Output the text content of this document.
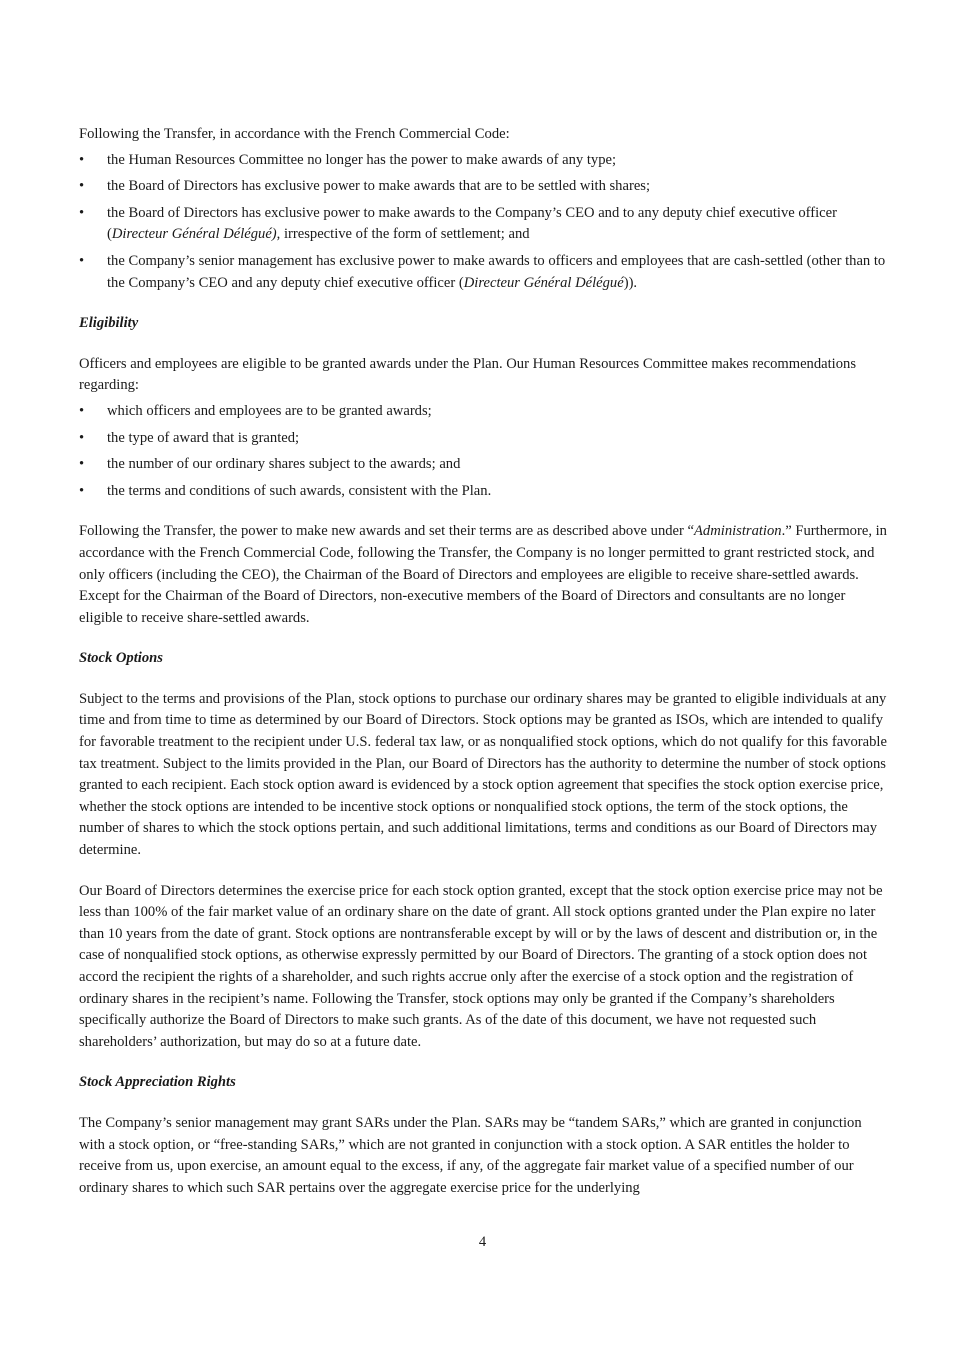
Following the Transfer, in accordance with the French Commercial Code:

• the Human Resources Committee no longer has the power to make awards of any type;
• the Board of Directors has exclusive power to make awards that are to be settled with shares;
• the Board of Directors has exclusive power to make awards to the Company’s CEO and to any deputy chief executive officer (Directeur Général Délégué), irrespective of the form of settlement; and
• the Company’s senior management has exclusive power to make awards to officers and employees that are cash-settled (other than to the Company’s CEO and any deputy chief executive officer (Directeur Général Délégué)).
Eligibility

Officers and employees are eligible to be granted awards under the Plan. Our Human Resources Committee makes recommendations regarding:

• which officers and employees are to be granted awards;
• the type of award that is granted;
• the number of our ordinary shares subject to the awards; and
• the terms and conditions of such awards, consistent with the Plan.

Following the Transfer, the power to make new awards and set their terms are as described above under “Administration.” Furthermore, in accordance with the French Commercial Code, following the Transfer, the Company is no longer permitted to grant restricted stock, and only officers (including the CEO), the Chairman of the Board of Directors and employees are eligible to receive share-settled awards. Except for the Chairman of the Board of Directors, non-executive members of the Board of Directors and consultants are no longer eligible to receive share-settled awards.

Stock Options

Subject to the terms and provisions of the Plan, stock options to purchase our ordinary shares may be granted to eligible individuals at any time and from time to time as determined by our Board of Directors. Stock options may be granted as ISOs, which are intended to qualify for favorable treatment to the recipient under U.S. federal tax law, or as nonqualified stock options, which do not qualify for this favorable tax treatment. Subject to the limits provided in the Plan, our Board of Directors has the authority to determine the number of stock options granted to each recipient. Each stock option award is evidenced by a stock option agreement that specifies the stock option exercise price, whether the stock options are intended to be incentive stock options or nonqualified stock options, the term of the stock options, the number of shares to which the stock options pertain, and such additional limitations, terms and conditions as our Board of Directors may determine.

Our Board of Directors determines the exercise price for each stock option granted, except that the stock option exercise price may not be less than 100% of the fair market value of an ordinary share on the date of grant. All stock options granted under the Plan expire no later than 10 years from the date of grant. Stock options are nontransferable except by will or by the laws of descent and distribution or, in the case of nonqualified stock options, as otherwise expressly permitted by our Board of Directors. The granting of a stock option does not accord the recipient the rights of a shareholder, and such rights accrue only after the exercise of a stock option and the registration of ordinary shares in the recipient’s name. Following the Transfer, stock options may only be granted if the Company’s shareholders specifically authorize the Board of Directors to make such grants. As of the date of this document, we have not requested such shareholders’ authorization, but may do so at a future date.

Stock Appreciation Rights

The Company’s senior management may grant SARs under the Plan. SARs may be “tandem SARs,” which are granted in conjunction with a stock option, or “free-standing SARs,” which are not granted in conjunction with a stock option. A SAR entitles the holder to receive from us, upon exercise, an amount equal to the excess, if any, of the aggregate fair market value of a specified number of our ordinary shares to which such SAR pertains over the aggregate exercise price for the underlying

4
